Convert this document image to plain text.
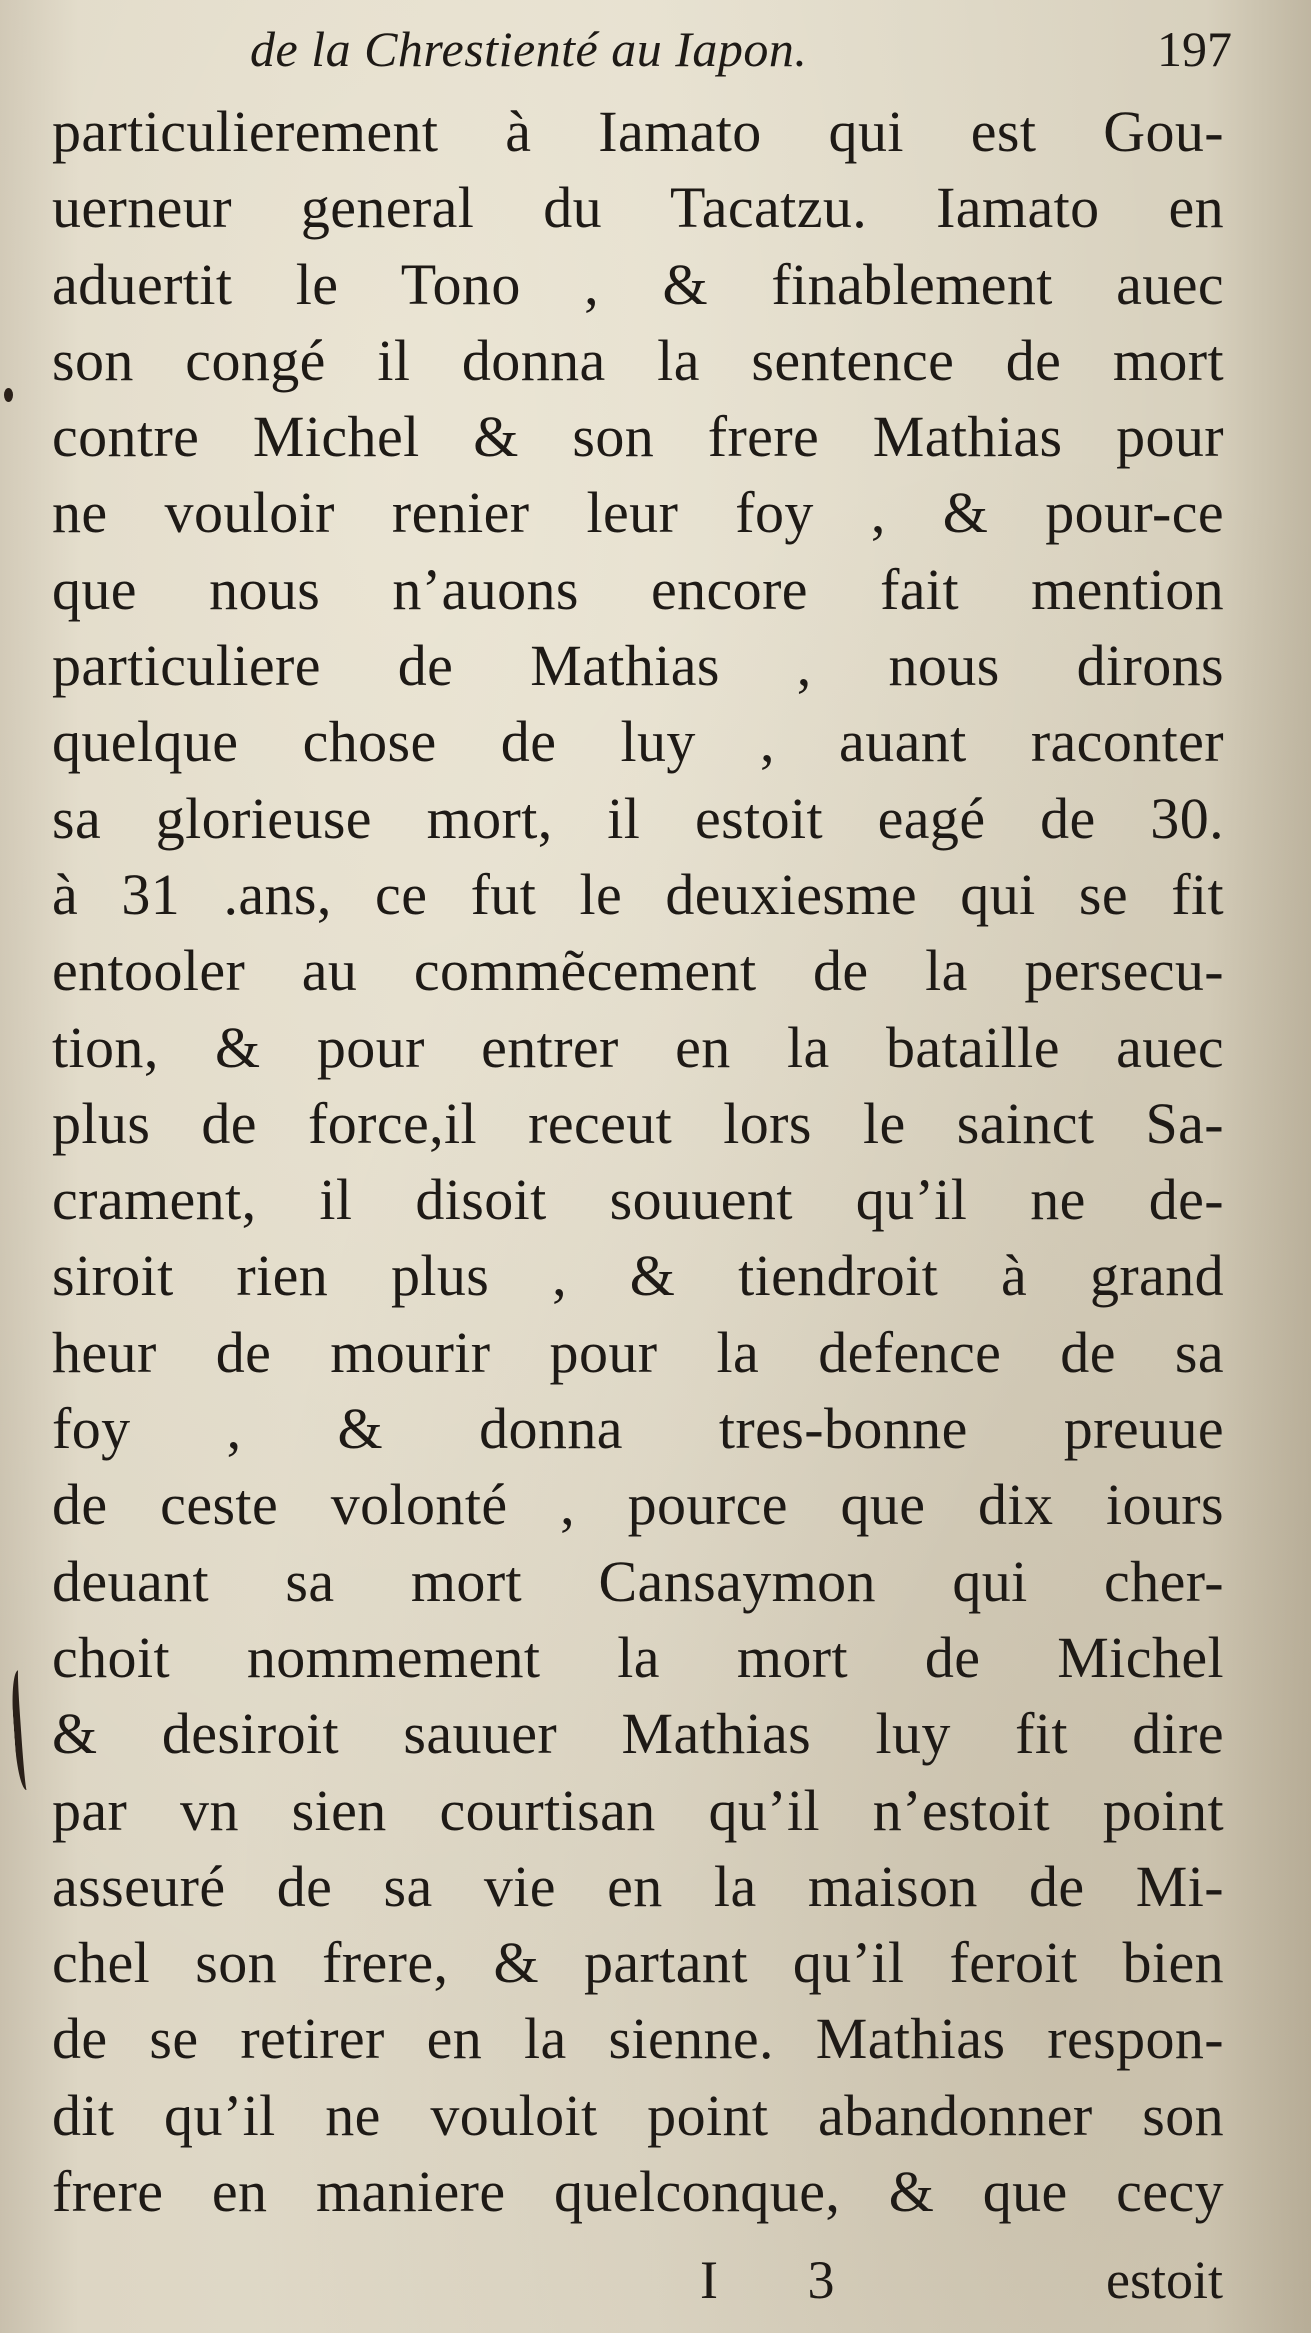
de la Chrestienté au Iapon.	197
particulierement à Iamato qui est Gou-
uerneur general du Tacatzu. Iamato en
aduertit le Tono , & finablement auec
son congé il donna la sentence de mort
contre Michel & son frere Mathias pour
ne vouloir renier leur foy , & pour-ce
que nous n’auons encore fait mention
particuliere de Mathias , nous dirons
quelque chose de luy , auant raconter
sa glorieuse mort, il estoit eagé de 30.
à 31 .ans, ce fut le deuxiesme qui se fit
entooler au commẽcement de la persecu-
tion, & pour entrer en la bataille auec
plus de force,il receut lors le sainct Sa-
crament, il disoit souuent qu’il ne de-
siroit rien plus , & tiendroit à grand
heur de mourir pour la defence de sa
foy , & donna tres-bonne preuue
de ceste volonté , pource que dix iours
deuant sa mort Cansaymon qui cher-
choit nommement la mort de Michel
& desiroit sauuer Mathias luy fit dire
par vn sien courtisan qu’il n’estoit point
asseuré de sa vie en la maison de Mi-
chel son frere, & partant qu’il feroit bien
de se retirer en la sienne. Mathias respon-
dit qu’il ne vouloit point abandonner son
frere en maniere quelconque, & que cecy
I 3	estoit
